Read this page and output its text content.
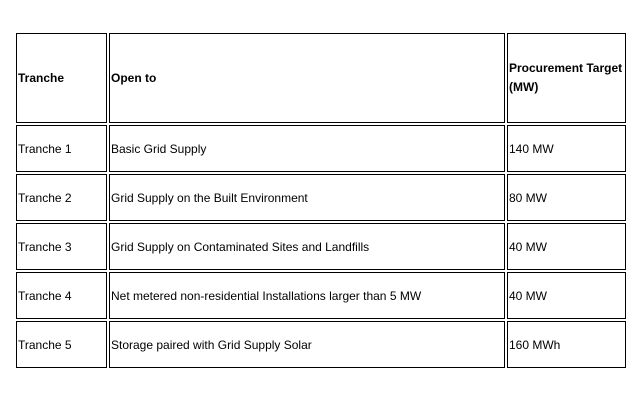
Tranche	Open to	Procurement Target (MW)
Tranche 1	Basic Grid Supply	140 MW
Tranche 2	Grid Supply on the Built Environment	80 MW
Tranche 3	Grid Supply on Contaminated Sites and Landfills	40 MW
Tranche 4	Net metered non-residential Installations larger than 5 MW	40 MW
Tranche 5	Storage paired with Grid Supply Solar	160 MWh
